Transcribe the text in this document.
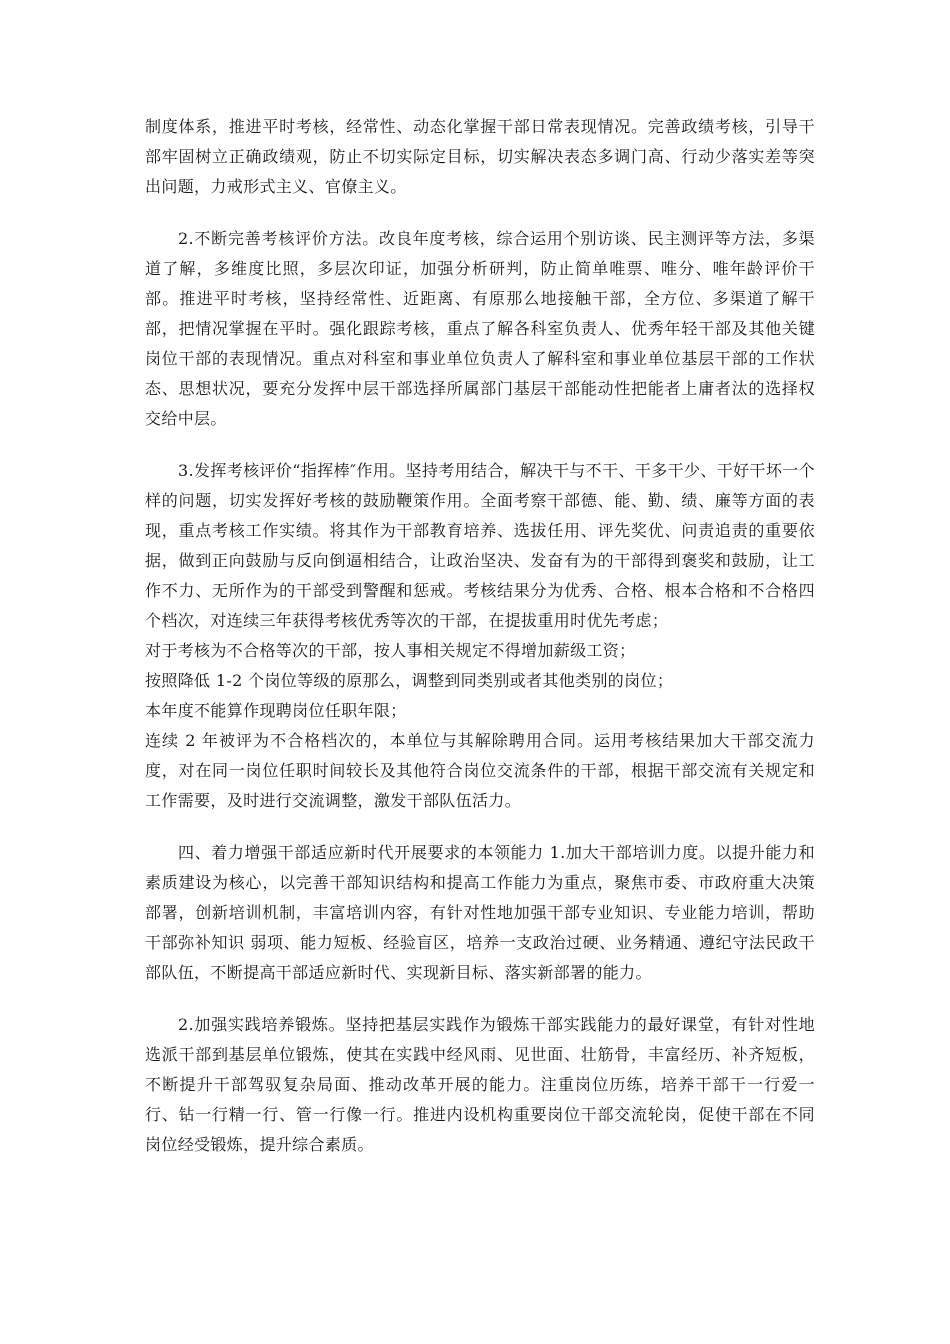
制度体系，推进平时考核，经常性、动态化掌握干部日常表现情况。完善政绩考核，引导干部牢固树立正确政绩观，防止不切实际定目标，切实解决表态多调门高、行动少落实差等突出问题，力戒形式主义、官僚主义。

2.不断完善考核评价方法。改良年度考核，综合运用个别访谈、民主测评等方法，多渠道了解，多维度比照，多层次印证，加强分析研判，防止简单唯票、唯分、唯年龄评价干部。推进平时考核，坚持经常性、近距离、有原那么地接触干部，全方位、多渠道了解干部，把情况掌握在平时。强化跟踪考核，重点了解各科室负责人、优秀年轻干部及其他关键岗位干部的表现情况。重点对科室和事业单位负责人了解科室和事业单位基层干部的工作状态、思想状况，要充分发挥中层干部选择所属部门基层干部能动性把能者上庸者汰的选择权交给中层。

3.发挥考核评价“指挥棒″作用。坚持考用结合，解决干与不干、干多干少、干好干坏一个样的问题，切实发挥好考核的鼓励鞭策作用。全面考察干部德、能、勤、绩、廉等方面的表现，重点考核工作实绩。将其作为干部教育培养、选拔任用、评先奖优、问责追责的重要依据，做到正向鼓励与反向倒逼相结合，让政治坚决、发奋有为的干部得到褒奖和鼓励，让工作不力、无所作为的干部受到警醒和惩戒。考核结果分为优秀、合格、根本合格和不合格四个档次，对连续三年获得考核优秀等次的干部，在提拔重用时优先考虑；

对于考核为不合格等次的干部，按人事相关规定不得增加薪级工资；

按照降低 1-2 个岗位等级的原那么，调整到同类别或者其他类别的岗位；

本年度不能算作现聘岗位任职年限；

连续 2 年被评为不合格档次的，本单位与其解除聘用合同。运用考核结果加大干部交流力度，对在同一岗位任职时间较长及其他符合岗位交流条件的干部，根据干部交流有关规定和工作需要，及时进行交流调整，激发干部队伍活力。

四、着力增强干部适应新时代开展要求的本领能力 1.加大干部培训力度。以提升能力和素质建设为核心，以完善干部知识结构和提高工作能力为重点，聚焦市委、市政府重大决策部署，创新培训机制，丰富培训内容，有针对性地加强干部专业知识、专业能力培训，帮助干部弥补知识 弱项、能力短板、经验盲区，培养一支政治过硬、业务精通、遵纪守法民政干部队伍，不断提高干部适应新时代、实现新目标、落实新部署的能力。

2.加强实践培养锻炼。坚持把基层实践作为锻炼干部实践能力的最好课堂，有针对性地选派干部到基层单位锻炼，使其在实践中经风雨、见世面、壮筋骨，丰富经历、补齐短板，不断提升干部驾驭复杂局面、推动改革开展的能力。注重岗位历练，培养干部干一行爱一行、钻一行精一行、管一行像一行。推进内设机构重要岗位干部交流轮岗，促使干部在不同岗位经受锻炼，提升综合素质。
